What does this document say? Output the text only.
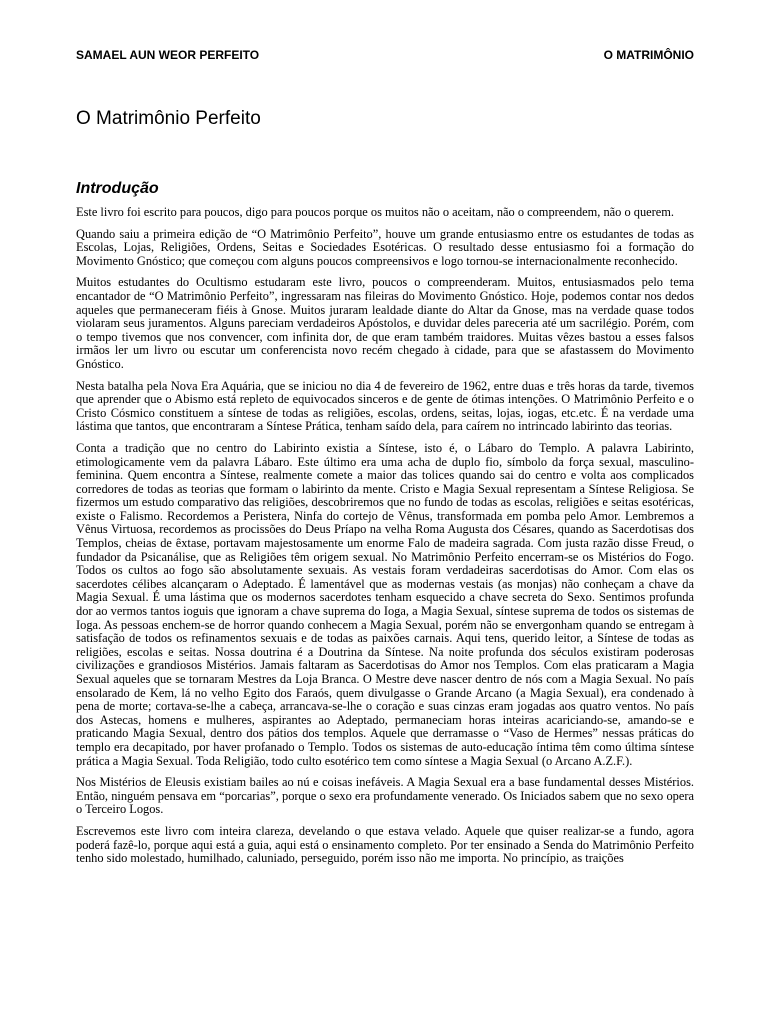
SAMAEL AUN WEOR PERFEITO	O MATRIMÔNIO
O Matrimônio Perfeito
Introdução

Este livro foi escrito para poucos, digo para poucos porque os muitos não o aceitam, não o compreendem, não o querem.

Quando saiu a primeira edição de “O Matrimônio Perfeito”, houve um grande entusiasmo entre os estudantes de todas as Escolas, Lojas, Religiões, Ordens, Seitas e Sociedades Esotéricas. O resultado desse entusiasmo foi a formação do Movimento Gnóstico; que começou com alguns poucos compreensivos e logo tornou-se internacionalmente reconhecido.

Muitos estudantes do Ocultismo estudaram este livro, poucos o compreenderam. Muitos, entusiasmados pelo tema encantador de “O Matrimônio Perfeito”, ingressaram nas fileiras do Movimento Gnóstico. Hoje, podemos contar nos dedos aqueles que permaneceram fiéis à Gnose. Muitos juraram lealdade diante do Altar da Gnose, mas na verdade quase todos violaram seus juramentos. Alguns pareciam verdadeiros Apóstolos, e duvidar deles pareceria até um sacrilégio. Porém, com o tempo tivemos que nos convencer, com infinita dor, de que eram também traidores. Muitas vêzes bastou a esses falsos irmãos ler um livro ou escutar um conferencista novo recém chegado à cidade, para que se afastassem do Movimento Gnóstico.

Nesta batalha pela Nova Era Aquária, que se iniciou no dia 4 de fevereiro de 1962, entre duas e três horas da tarde, tivemos que aprender que o Abismo está repleto de equivocados sinceros e de gente de ótimas intenções. O Matrimônio Perfeito e o Cristo Cósmico constituem a síntese de todas as religiões, escolas, ordens, seitas, lojas, iogas, etc.etc. É na verdade uma lástima que tantos, que encontraram a Síntese Prática, tenham saído dela, para caírem no intrincado labirinto das teorias.

Conta a tradição que no centro do Labirinto existia a Síntese, isto é, o Lábaro do Templo. A palavra Labirinto, etimologicamente vem da palavra Lábaro. Este último era uma acha de duplo fio, símbolo da força sexual, masculino-feminina. Quem encontra a Síntese, realmente comete a maior das tolices quando sai do centro e volta aos complicados corredores de todas as teorias que formam o labirinto da mente. Cristo e Magia Sexual representam a Síntese Religiosa. Se fizermos um estudo comparativo das religiões, descobriremos que no fundo de todas as escolas, religiões e seitas esotéricas, existe o Falismo. Recordemos a Peristera, Ninfa do cortejo de Vênus, transformada em pomba pelo Amor. Lembremos a Vênus Virtuosa, recordemos as procissões do Deus Príapo na velha Roma Augusta dos Césares, quando as Sacerdotisas dos Templos, cheias de êxtase, portavam majestosamente um enorme Falo de madeira sagrada. Com justa razão disse Freud, o fundador da Psicanálise, que as Religiões têm origem sexual. No Matrimônio Perfeito encerram-se os Mistérios do Fogo. Todos os cultos ao fogo são absolutamente sexuais. As vestais foram verdadeiras sacerdotisas do Amor. Com elas os sacerdotes célibes alcançaram o Adeptado. É lamentável que as modernas vestais (as monjas) não conheçam a chave da Magia Sexual. É uma lástima que os modernos sacerdotes tenham esquecido a chave secreta do Sexo. Sentimos profunda dor ao vermos tantos ioguis que ignoram a chave suprema do Ioga, a Magia Sexual, síntese suprema de todos os sistemas de Ioga. As pessoas enchem-se de horror quando conhecem a Magia Sexual, porém não se envergonham quando se entregam à satisfação de todos os refinamentos sexuais e de todas as paixões carnais. Aqui tens, querido leitor, a Síntese de todas as religiões, escolas e seitas. Nossa doutrina é a Doutrina da Síntese. Na noite profunda dos séculos existiram poderosas civilizações e grandiosos Mistérios. Jamais faltaram as Sacerdotisas do Amor nos Templos. Com elas praticaram a Magia Sexual aqueles que se tornaram Mestres da Loja Branca. O Mestre deve nascer dentro de nós com a Magia Sexual. No país ensolarado de Kem, lá no velho Egito dos Faraós, quem divulgasse o Grande Arcano (a Magia Sexual), era condenado à pena de morte; cortava-se-lhe a cabeça, arrancava-se-lhe o coração e suas cinzas eram jogadas aos quatro ventos. No país dos Astecas, homens e mulheres, aspirantes ao Adeptado, permaneciam horas inteiras acariciando-se, amando-se e praticando Magia Sexual, dentro dos pátios dos templos. Aquele que derramasse o “Vaso de Hermes” nessas práticas do templo era decapitado, por haver profanado o Templo. Todos os sistemas de auto-educação íntima têm como última síntese prática a Magia Sexual. Toda Religião, todo culto esotérico tem como síntese a Magia Sexual (o Arcano A.Z.F.).

Nos Mistérios de Eleusis existiam bailes ao nú e coisas inefáveis. A Magia Sexual era a base fundamental desses Mistérios. Então, ninguém pensava em “porcarias”, porque o sexo era profundamente venerado. Os Iniciados sabem que no sexo opera o Terceiro Logos.

Escrevemos este livro com inteira clareza, develando o que estava velado. Aquele que quiser realizar-se a fundo, agora poderá fazê-lo, porque aqui está a guia, aqui está o ensinamento completo. Por ter ensinado a Senda do Matrimônio Perfeito tenho sido molestado, humilhado, caluniado, perseguido, porém isso não me importa. No princípio, as traições
